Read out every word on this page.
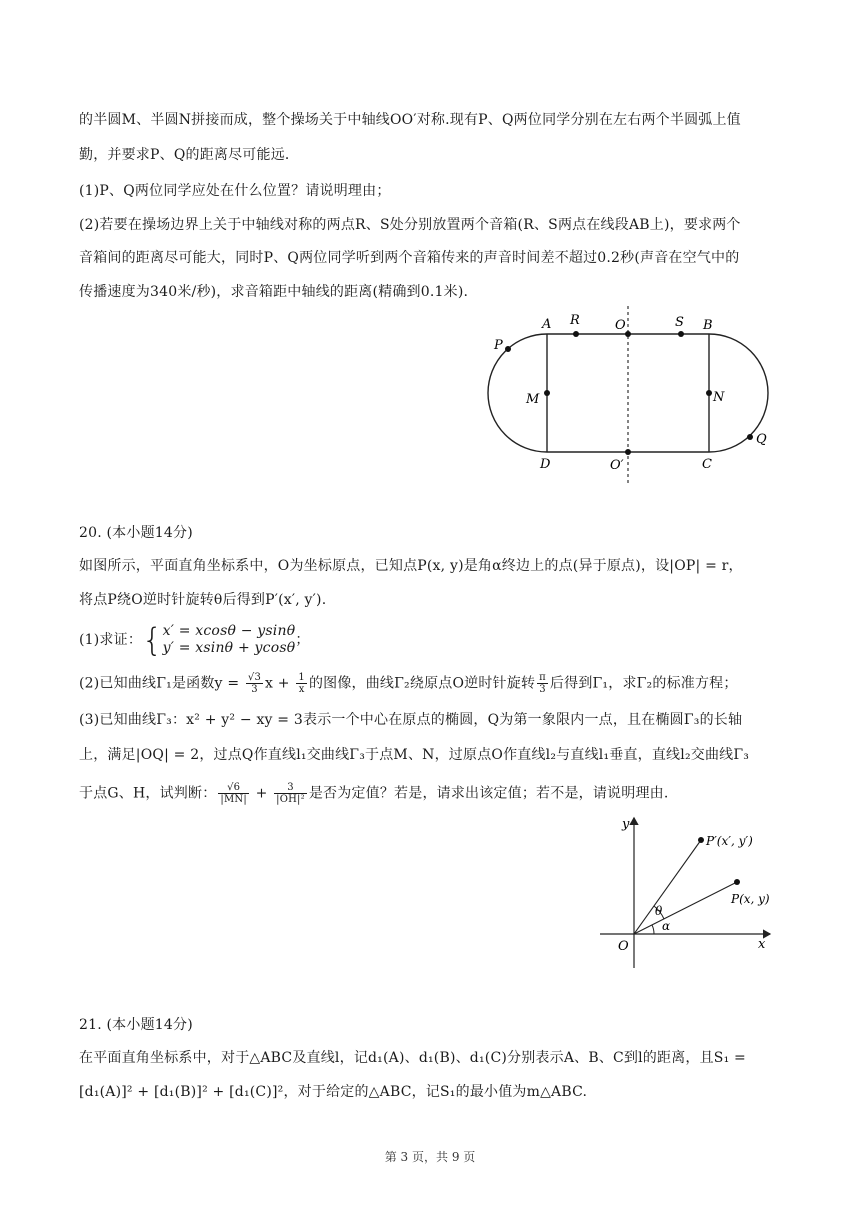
的半圆M、半圆N拼接而成，整个操场关于中轴线OO′对称.现有P、Q两位同学分别在左右两个半圆弧上值
勤，并要求P、Q的距离尽可能远．
(1)P、Q两位同学应处在什么位置？请说明理由；
(2)若要在操场边界上关于中轴线对称的两点R、S处分别放置两个音箱(R、S两点在线段AB上)，要求两个
音箱间的距离尽可能大，同时P、Q两位同学听到两个音箱传来的声音时间差不超过0.2秒(声音在空气中的
传播速度为340米/秒)，求音箱距中轴线的距离(精确到0.1米).
A R	O	S B
P
M	N
Q
D	O′	C
20. (本小题14分)
如图所示，平面直角坐标系中，O为坐标原点，已知点P(x, y)是角α终边上的点(异于原点)，设|OP| = r，
将点P绕O逆时针旋转θ后得到P′(x′, y′).
(1)求证：{ x′ = xcosθ − ysinθ
y′ = xsinθ + ycosθ ；
(2)已知曲线Γ₁是函数$y = \frac{√3}{3}$ $x + \frac{1}{x}$ 的图像，曲线Γ₂绕原点O逆时针旋转 $\frac{\pi}{3}$ 后得到Γ₁，求Γ₂的标准方程；
(3)已知曲线Γ₃：x² + y² − xy = 3表示一个中心在原点的椭圆，Q为第一象限内一点，且在椭圆Γ₃的长轴
上，满足|OQ| = 2，过点Q作直线l₁交曲线Γ₃于点M、N，过原点O作直线l₂与直线l₁垂直，直线l₂交曲线Γ₃
于点G、H，试判断： $\frac{√6}{|MN|} + \frac{3}{\text{|OH|²}}$ 是否为定值？若是，请求出该定值；若不是，请说明理由.
y
x
O
P′(x′, y′)
P(x, y)
θ
α
21. (本小题14分)
在平面直角坐标系中，对于△ABC及直线l，记d₁(A)、d₁(B)、d₁(C)分别表示A、B、C到l的距离，且S₁ =
[d₁(A)]² + [d₁(B)]² + [d₁(C)]²，对于给定的△ABC，记S₁的最小值为m△ABC.
第 3 页，共 9 页
